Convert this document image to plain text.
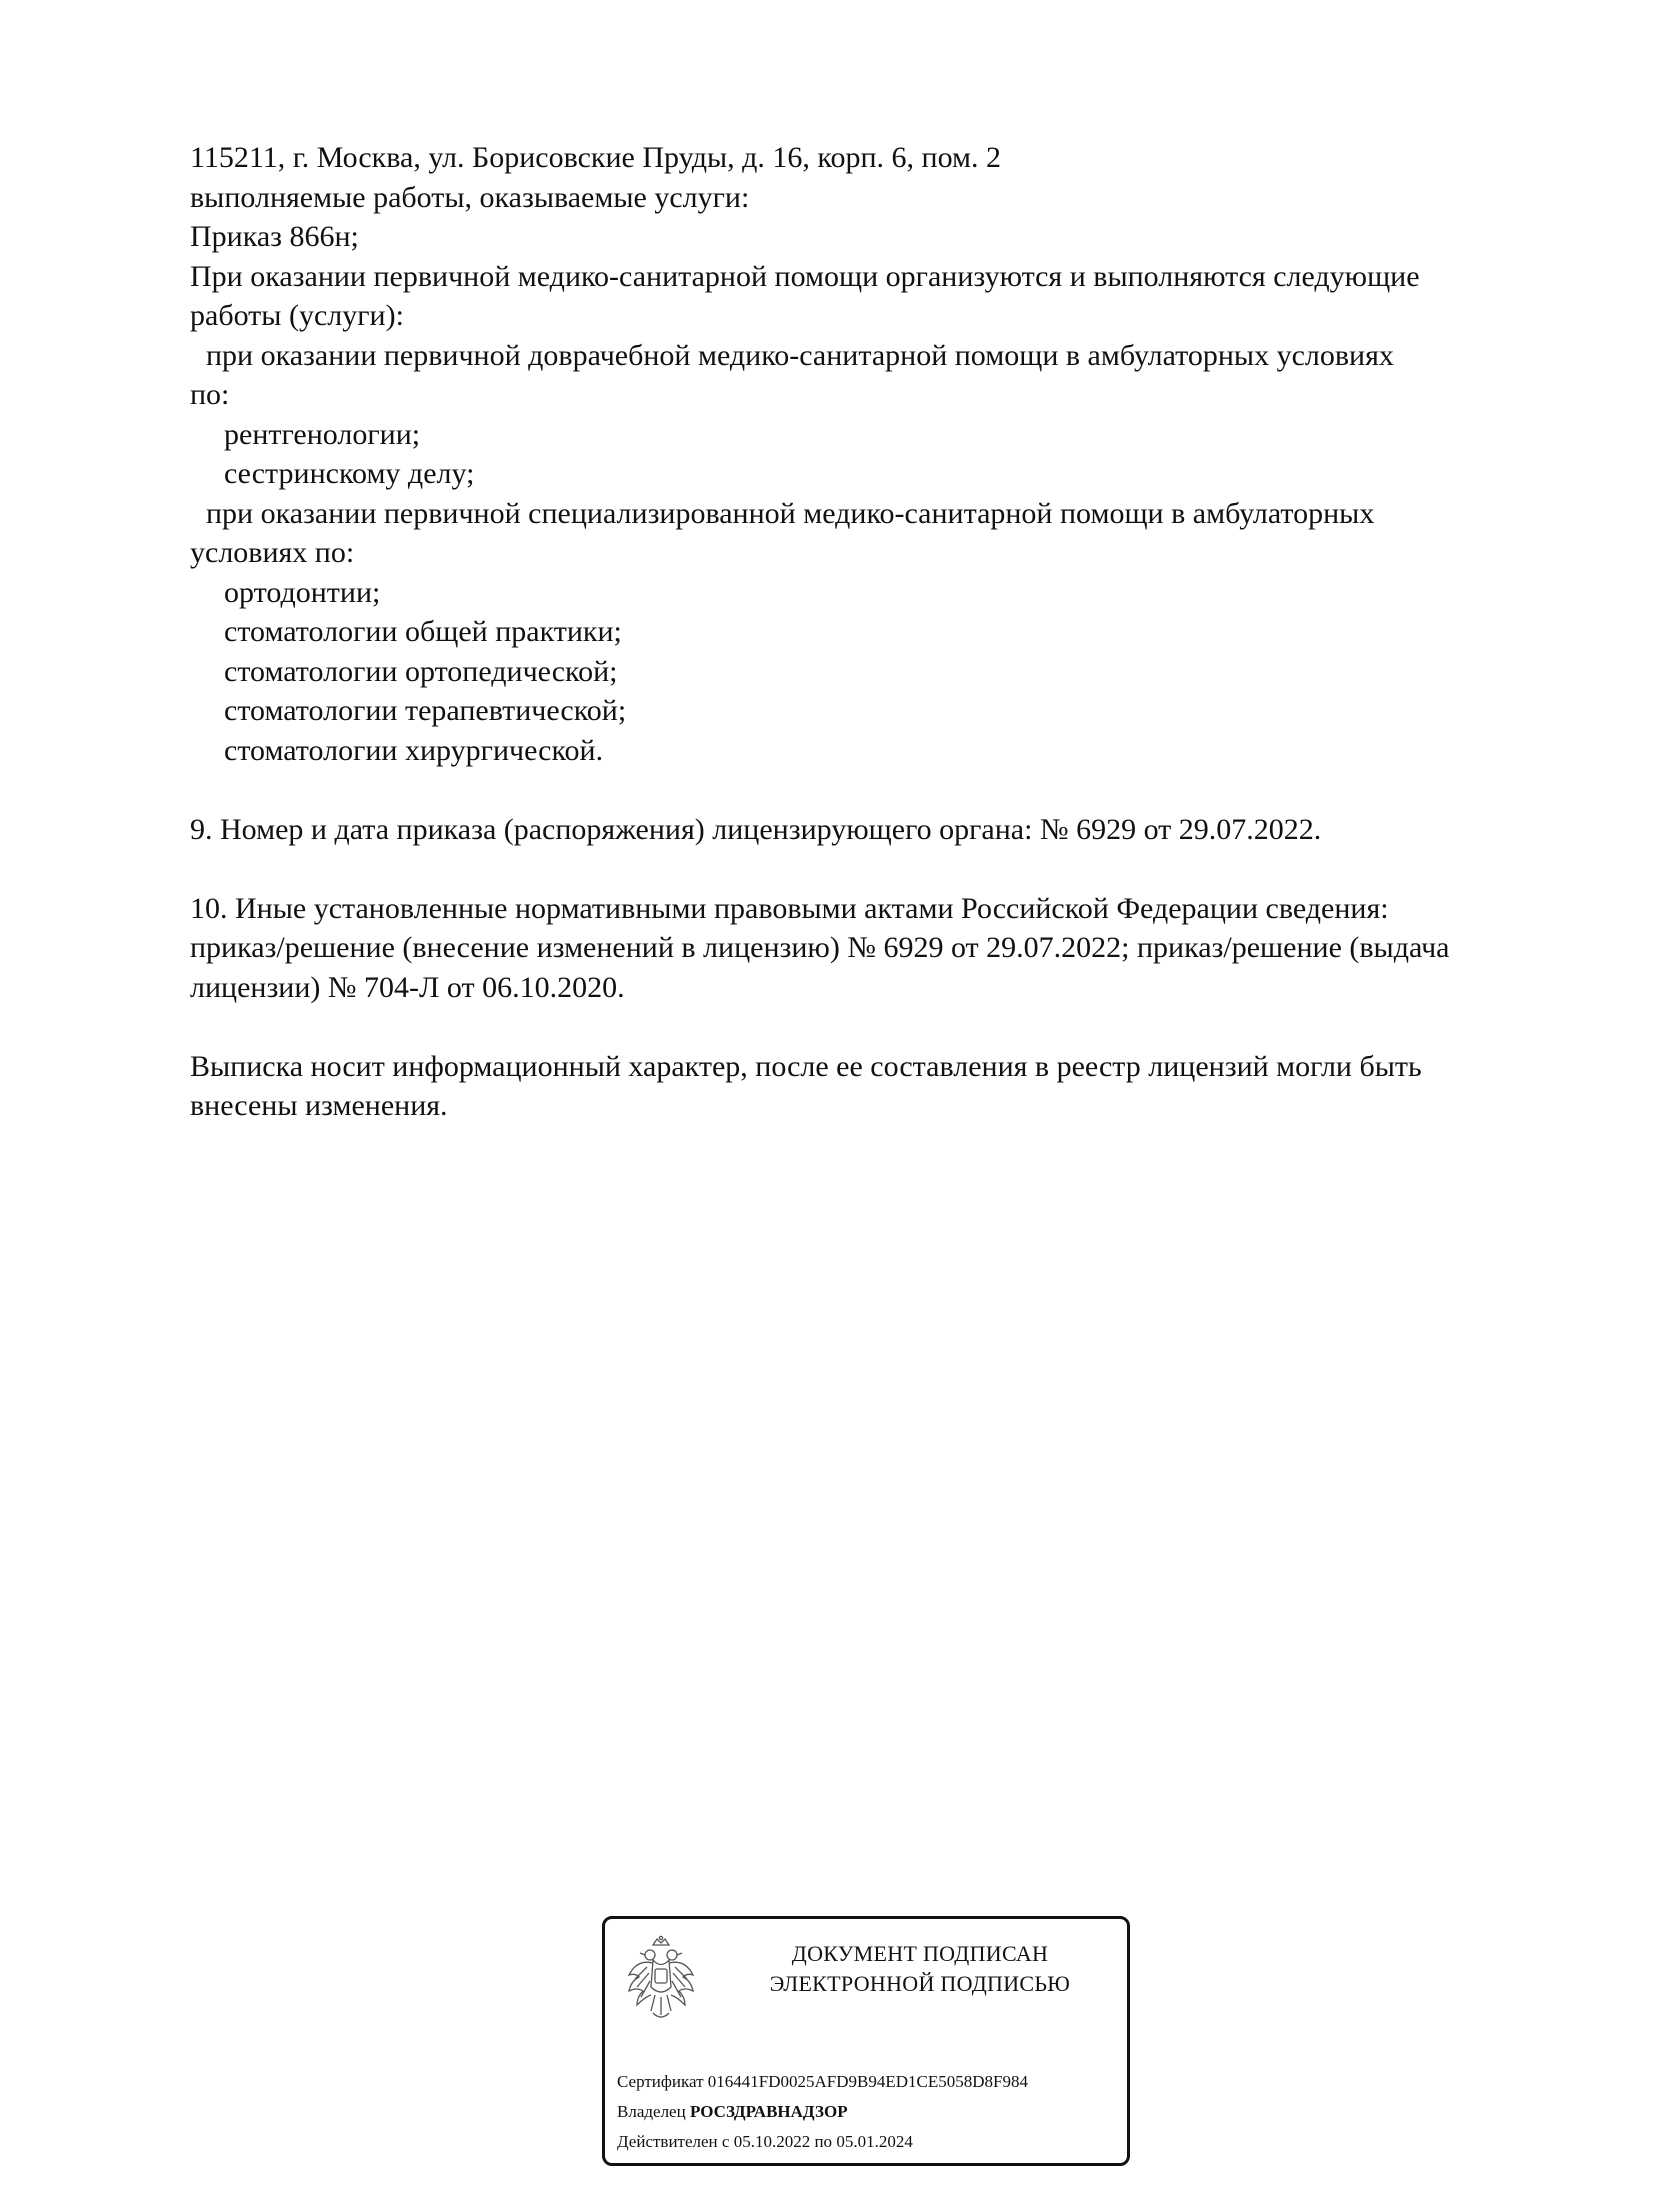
115211, г. Москва, ул. Борисовские Пруды, д. 16, корп. 6, пом. 2
выполняемые работы, оказываемые услуги:
Приказ 866н;
При оказании первичной медико-санитарной помощи организуются и выполняются следующие
работы (услуги):
при оказании первичной доврачебной медико-санитарной помощи в амбулаторных условиях
по:
рентгенологии;
сестринскому делу;
при оказании первичной специализированной медико-санитарной помощи в амбулаторных
условиях по:
ортодонтии;
стоматологии общей практики;
стоматологии ортопедической;
стоматологии терапевтической;
стоматологии хирургической.
9. Номер и дата приказа (распоряжения) лицензирующего органа: № 6929 от 29.07.2022.
10. Иные установленные нормативными правовыми актами Российской Федерации сведения:
приказ/решение (внесение изменений в лицензию) № 6929 от 29.07.2022; приказ/решение (выдача
лицензии) № 704-Л от 06.10.2020.
Выписка носит информационный характер, после ее составления в реестр лицензий могли быть
внесены изменения.
ДОКУМЕНТ ПОДПИСАН
ЭЛЕКТРОННОЙ ПОДПИСЬЮ
Сертификат 016441FD0025AFD9B94ED1CE5058D8F984
Владелец РОСЗДРАВНАДЗОР
Действителен с 05.10.2022 по 05.01.2024
